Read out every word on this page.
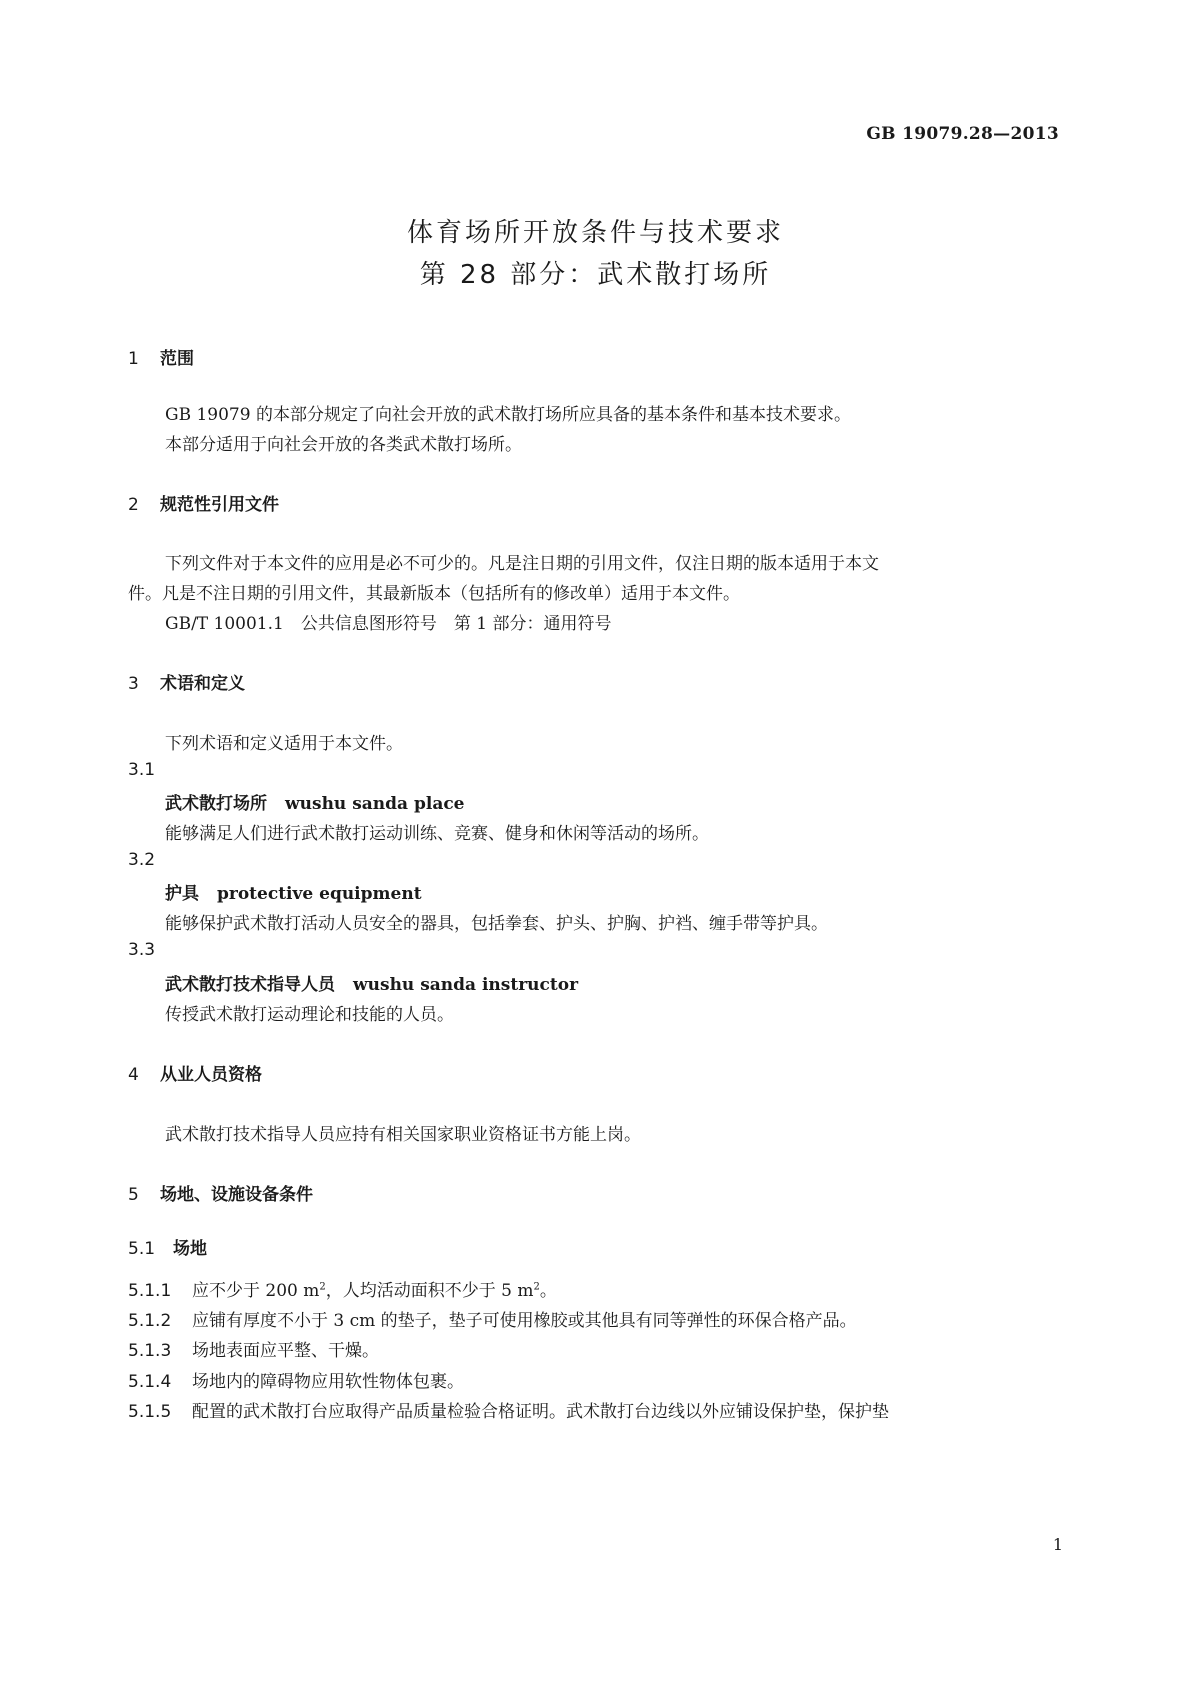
GB 19079.28—2013
体育场所开放条件与技术要求
第 28 部分：武术散打场所
1 范围
GB 19079 的本部分规定了向社会开放的武术散打场所应具备的基本条件和基本技术要求。
本部分适用于向社会开放的各类武术散打场所。
2 规范性引用文件
下列文件对于本文件的应用是必不可少的。凡是注日期的引用文件，仅注日期的版本适用于本文
件。凡是不注日期的引用文件，其最新版本（包括所有的修改单）适用于本文件。
GB/T 10001.1　公共信息图形符号　第 1 部分：通用符号
3 术语和定义
下列术语和定义适用于本文件。
3.1
武术散打场所 wushu sanda place
能够满足人们进行武术散打运动训练、竞赛、健身和休闲等活动的场所。
3.2
护具 protective equipment
能够保护武术散打活动人员安全的器具，包括拳套、护头、护胸、护裆、缠手带等护具。
3.3
武术散打技术指导人员 wushu sanda instructor
传授武术散打运动理论和技能的人员。
4 从业人员资格
武术散打技术指导人员应持有相关国家职业资格证书方能上岗。
5 场地、设施设备条件
5.1 场地
5.1.1 应不少于 200 $m^2$，人均活动面积不少于 5 $m^2$。
5.1.2 应铺有厚度不小于 3 cm 的垫子，垫子可使用橡胶或其他具有同等弹性的环保合格产品。
5.1.3 场地表面应平整、干燥。
5.1.4 场地内的障碍物应用软性物体包裹。
5.1.5 配置的武术散打台应取得产品质量检验合格证明。武术散打台边线以外应铺设保护垫，保护垫
1
